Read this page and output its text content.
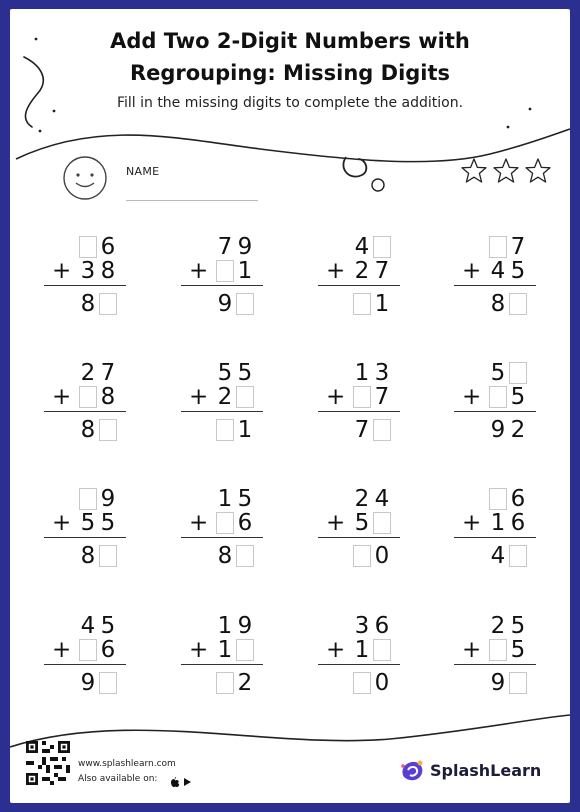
Add Two 2-Digit Numbers with
Regrouping: Missing Digits
Fill in the missing digits to complete the addition.
NAME
6
3 8
8
+
7 9
1
9
+
4
2 7
1
+
7
4 5
8
+
2 7
8
8
+
5 5
2
1
+
1 3
7
7
+
5
5
9 2
+
9
5 5
8
+
1 5
6
8
+
2 4
5
0
+
6
1 6
4
+
4 5
6
9
+
1 9
1
2
+
3 6
1
0
+
2 5
5
9
+
www.splashlearn.com
Also available on:	SplashLearn
